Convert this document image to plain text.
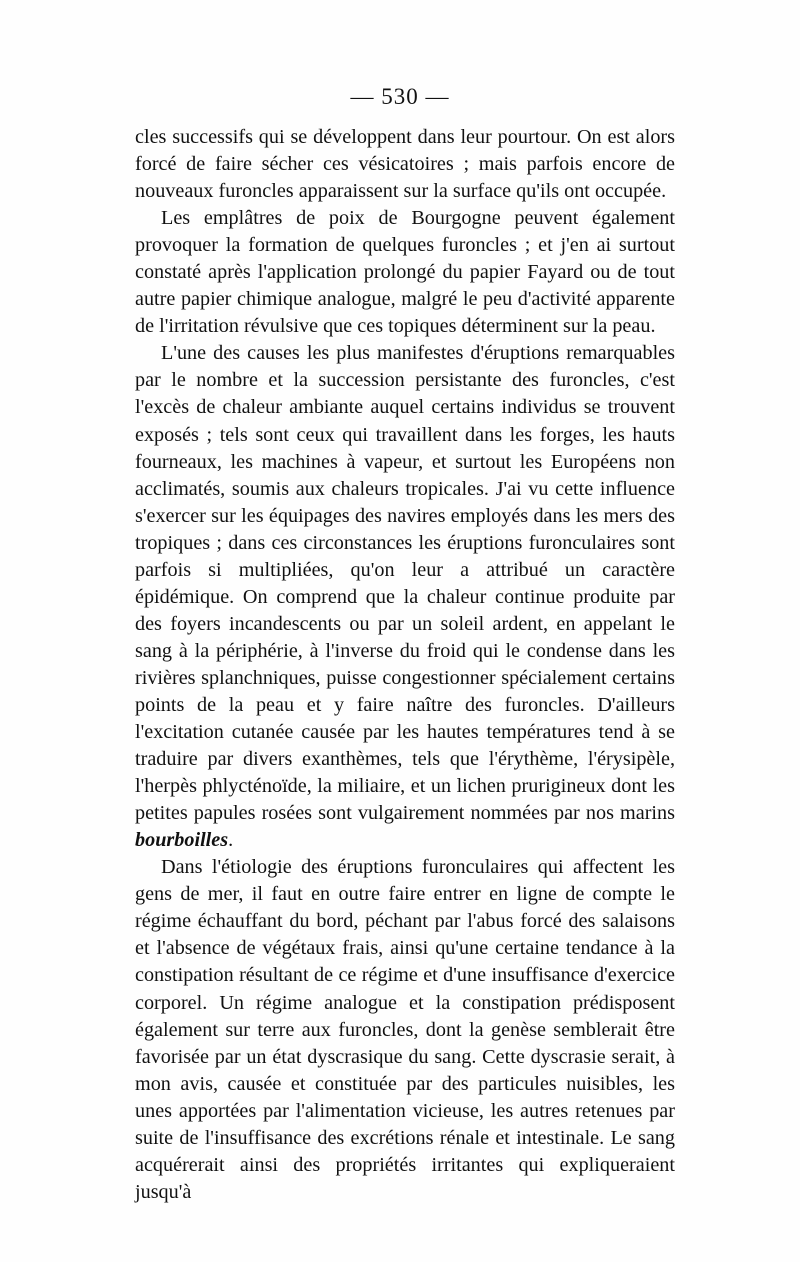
— 530 —

cles successifs qui se développent dans leur pourtour. On est alors forcé de faire sécher ces vésicatoires ; mais parfois encore de nouveaux furoncles apparaissent sur la surface qu'ils ont occupée.

Les emplâtres de poix de Bourgogne peuvent également provoquer la formation de quelques furoncles ; et j'en ai surtout constaté après l'application prolongé du papier Fayard ou de tout autre papier chimique analogue, malgré le peu d'activité apparente de l'irritation révulsive que ces topiques déterminent sur la peau.

L'une des causes les plus manifestes d'éruptions remarquables par le nombre et la succession persistante des furoncles, c'est l'excès de chaleur ambiante auquel certains individus se trouvent exposés ; tels sont ceux qui travaillent dans les forges, les hauts fourneaux, les machines à vapeur, et surtout les Européens non acclimatés, soumis aux chaleurs tropicales. J'ai vu cette influence s'exercer sur les équipages des navires employés dans les mers des tropiques ; dans ces circonstances les éruptions furonculaires sont parfois si multipliées, qu'on leur a attribué un caractère épidémique. On comprend que la chaleur continue produite par des foyers incandescents ou par un soleil ardent, en appelant le sang à la périphérie, à l'inverse du froid qui le condense dans les rivières splanchniques, puisse congestionner spécialement certains points de la peau et y faire naître des furoncles. D'ailleurs l'excitation cutanée causée par les hautes températures tend à se traduire par divers exanthèmes, tels que l'érythème, l'érysipèle, l'herpès phlycténoïde, la miliaire, et un lichen prurigineux dont les petites papules rosées sont vulgairement nommées par nos marins bourboilles.

Dans l'étiologie des éruptions furonculaires qui affectent les gens de mer, il faut en outre faire entrer en ligne de compte le régime échauffant du bord, péchant par l'abus forcé des salaisons et l'absence de végétaux frais, ainsi qu'une certaine tendance à la constipation résultant de ce régime et d'une insuffisance d'exercice corporel. Un régime analogue et la constipation prédisposent également sur terre aux furoncles, dont la genèse semblerait être favorisée par un état dyscrasique du sang. Cette dyscrasie serait, à mon avis, causée et constituée par des particules nuisibles, les unes apportées par l'alimentation vicieuse, les autres retenues par suite de l'insuffisance des excrétions rénale et intestinale. Le sang acquérerait ainsi des propriétés irritantes qui expliqueraient jusqu'à
